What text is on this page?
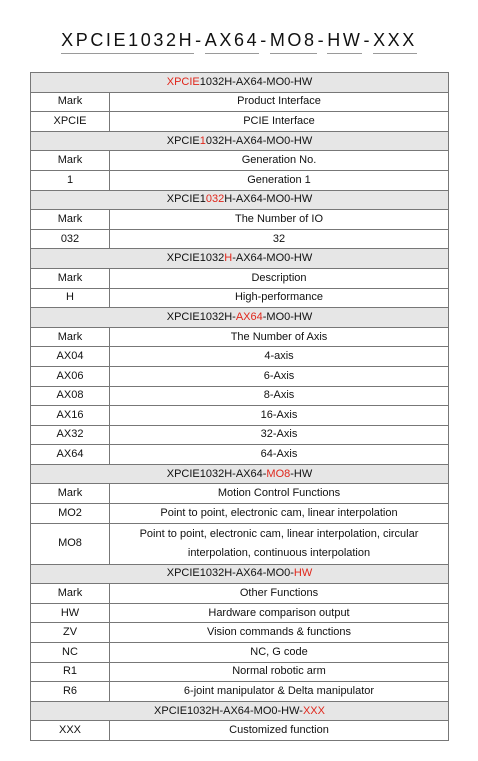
XPCIE1032H - AX64 - MO8 - HW - XXX
XPCIE1032H-AX64-MO0-HW	
Mark	Product Interface
XPCIE	PCIE Interface
XPCIE1032H-AX64-MO0-HW	
Mark	Generation No.
1	Generation 1
XPCIE1032H-AX64-MO0-HW	
Mark	The Number of IO
032	32
XPCIE1032H-AX64-MO0-HW	
Mark	Description
H	High-performance
XPCIE1032H-AX64-MO0-HW	
Mark	The Number of Axis
AX04	4-axis
AX06	6-Axis
AX08	8-Axis
AX16	16-Axis
AX32	32-Axis
AX64	64-Axis
XPCIE1032H-AX64-MO8-HW	
Mark	Motion Control Functions
MO2	Point to point, electronic cam, linear interpolation
MO8	Point to point, electronic cam, linear interpolation, circular interpolation, continuous interpolation
XPCIE1032H-AX64-MO0-HW	
Mark	Other Functions
HW	Hardware comparison output
ZV	Vision commands & functions
NC	NC, G code
R1	Normal robotic arm
R6	6-joint manipulator & Delta manipulator
XPCIE1032H-AX64-MO0-HW-XXX	
XXX	Customized function
